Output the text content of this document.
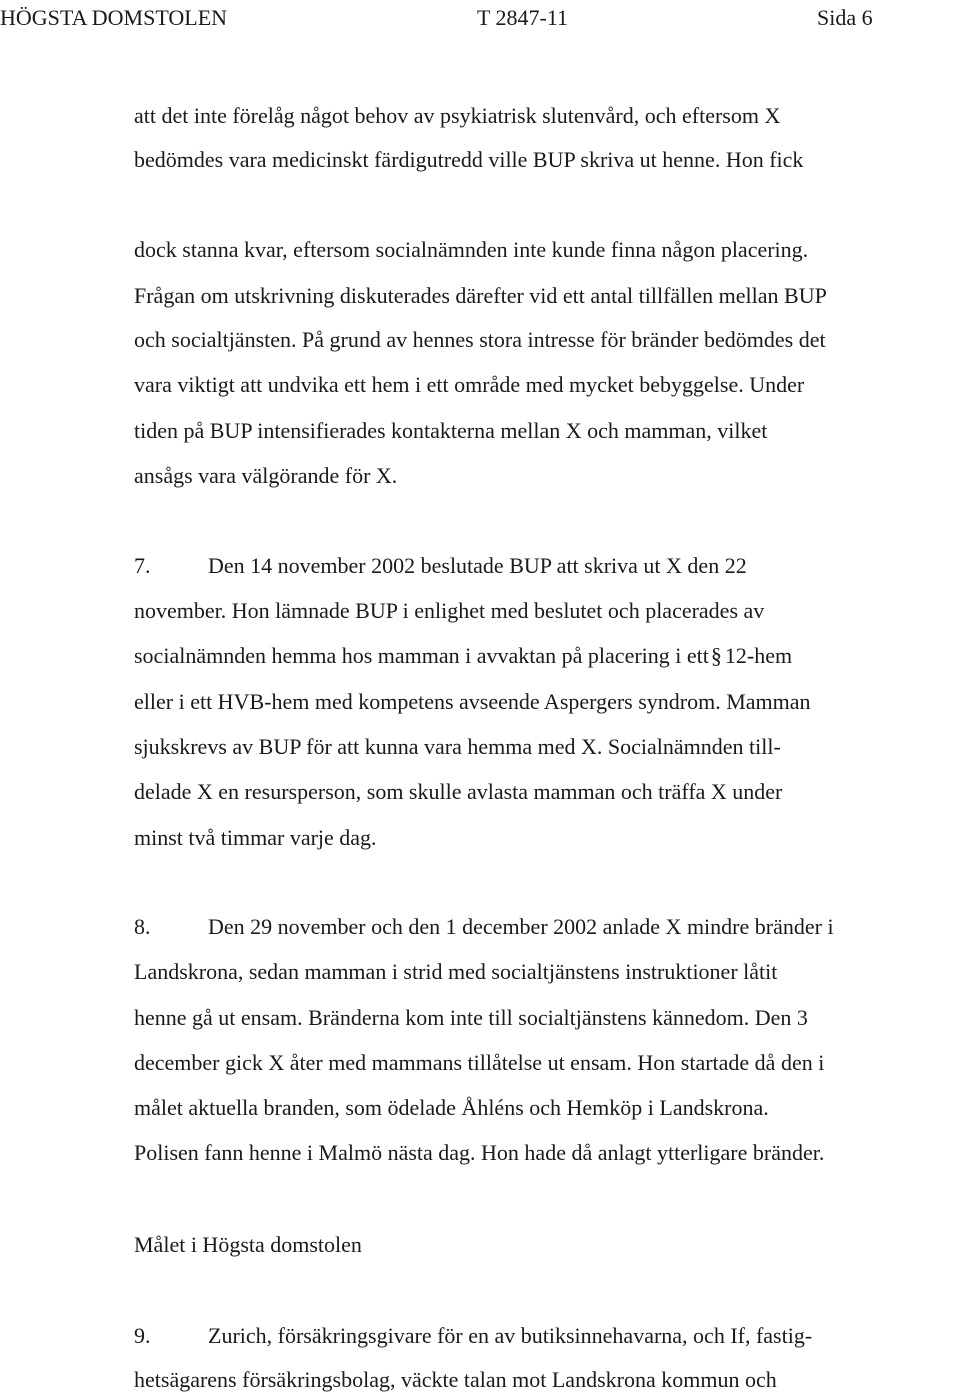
HÖGSTA DOMSTOLEN	T 2847-11	Sida 6
att det inte förelåg något behov av psykiatrisk slutenvård, och eftersom X
bedömdes vara medicinskt färdigutredd ville BUP skriva ut henne. Hon fick
dock stanna kvar, eftersom socialnämnden inte kunde finna någon placering.
Frågan om utskrivning diskuterades därefter vid ett antal tillfällen mellan BUP
och socialtjänsten. På grund av hennes stora intresse för bränder bedömdes det
vara viktigt att undvika ett hem i ett område med mycket bebyggelse. Under
tiden på BUP intensifierades kontakterna mellan X och mamman, vilket
ansågs vara välgörande för X.
7.	Den 14 november 2002 beslutade BUP att skriva ut X den 22
november. Hon lämnade BUP i enlighet med beslutet och placerades av
socialnämnden hemma hos mamman i avvaktan på placering i ett§ 12-hem
eller i ett HVB-hem med kompetens avseende Aspergers syndrom. Mamman
sjukskrevs av BUP för att kunna vara hemma med X. Socialnämnden till-
delade X en resursperson, som skulle avlasta mamman och träffa X under
minst två timmar varje dag.
8.	Den 29 november och den 1 december 2002 anlade X mindre bränder i
Landskrona, sedan mamman i strid med socialtjänstens instruktioner låtit
henne gå ut ensam. Bränderna kom inte till socialtjänstens kännedom. Den 3
december gick X åter med mammans tillåtelse ut ensam. Hon startade då den i
målet aktuella branden, som ödelade Åhléns och Hemköp i Landskrona.
Polisen fann henne i Malmö nästa dag. Hon hade då anlagt ytterligare bränder.
Målet i Högsta domstolen
9.	Zurich, försäkringsgivare för en av butiksinnehavarna, och If, fastig-
hetsägarens försäkringsbolag, väckte talan mot Landskrona kommun och
